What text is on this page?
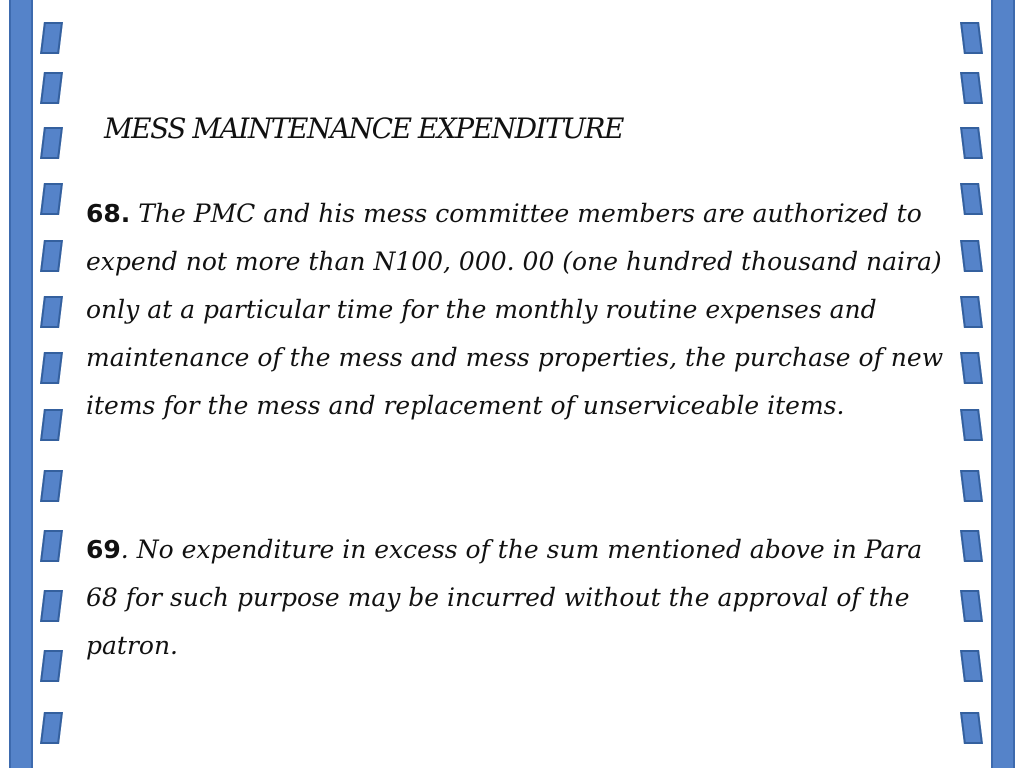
MESS MAINTENANCE EXPENDITURE

68. The PMC and his mess committee members are authorized to expend not more than N100, 000. 00 (one hundred thousand naira) only at a particular time for the monthly routine expenses and maintenance of the mess and mess properties, the purchase of new items for the mess and replacement of unserviceable items.

69. No expenditure in excess of the sum mentioned above in Para 68 for such purpose may be incurred without the approval of the patron.
